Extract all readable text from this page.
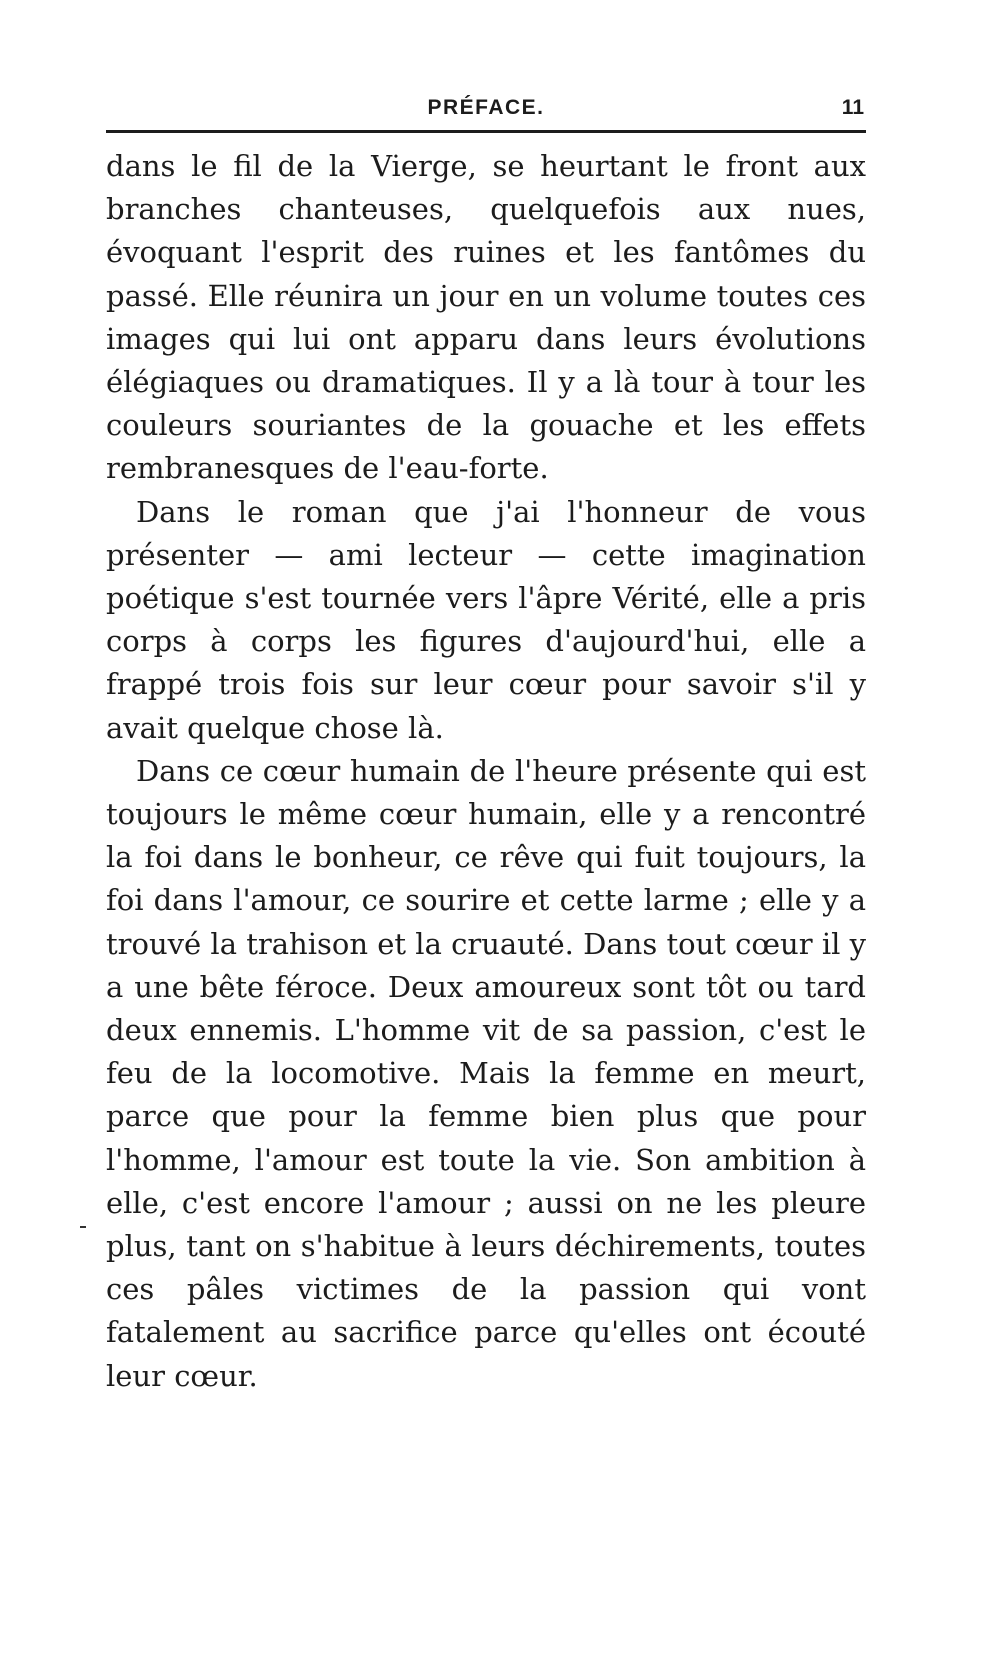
PRÉFACE.	11

dans le fil de la Vierge, se heurtant le front aux branches chanteuses, quelquefois aux nues, évoquant l'esprit des ruines et les fantômes du passé. Elle réunira un jour en un volume toutes ces images qui lui ont apparu dans leurs évolutions élégiaques ou dramatiques. Il y a là tour à tour les couleurs souriantes de la gouache et les effets rembranesques de l'eau-forte.

Dans le roman que j'ai l'honneur de vous présenter — ami lecteur — cette imagination poétique s'est tournée vers l'âpre Vérité, elle a pris corps à corps les figures d'aujourd'hui, elle a frappé trois fois sur leur cœur pour savoir s'il y avait quelque chose là.

Dans ce cœur humain de l'heure présente qui est toujours le même cœur humain, elle y a rencontré la foi dans le bonheur, ce rêve qui fuit toujours, la foi dans l'amour, ce sourire et cette larme ; elle y a trouvé la trahison et la cruauté. Dans tout cœur il y a une bête féroce. Deux amoureux sont tôt ou tard deux ennemis. L'homme vit de sa passion, c'est le feu de la locomotive. Mais la femme en meurt, parce que pour la femme bien plus que pour l'homme, l'amour est toute la vie. Son ambition à elle, c'est encore l'amour ; aussi on ne les pleure plus, tant on s'habitue à leurs déchirements, toutes ces pâles victimes de la passion qui vont fatalement au sacrifice parce qu'elles ont écouté leur cœur.
